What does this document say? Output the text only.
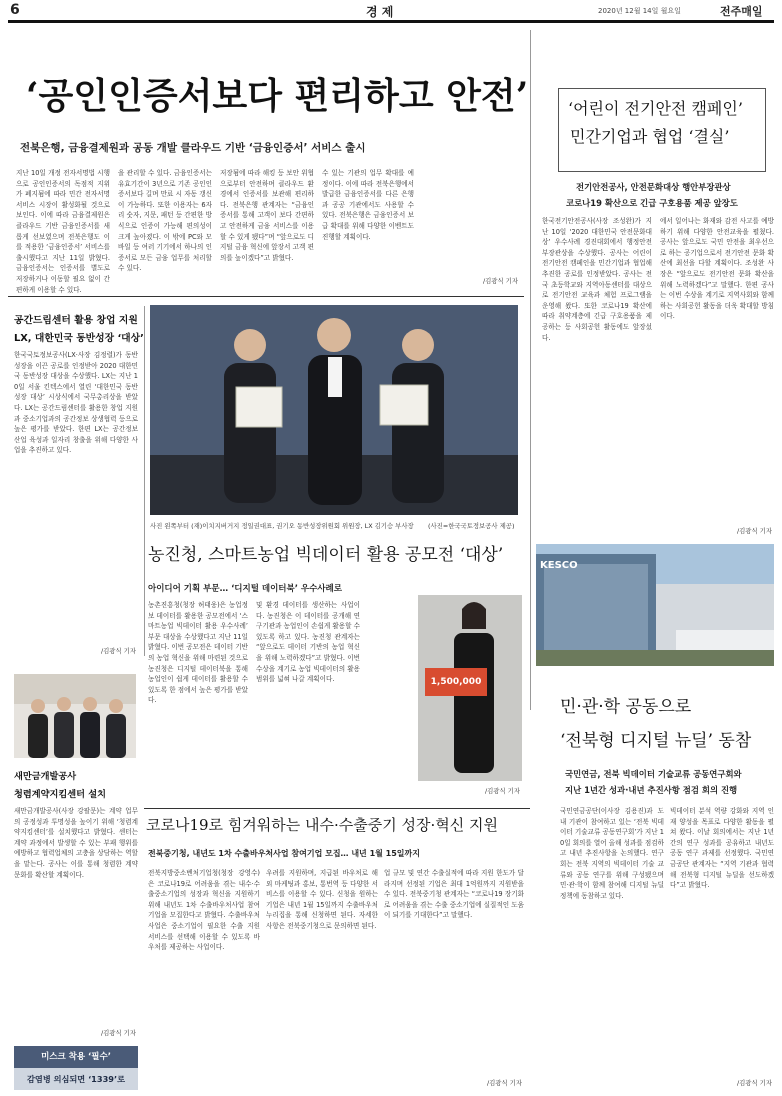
6	경 제	2020년 12월 14일 월요일	전주매일
‘공인인증서보다 편리하고 안전’
전북은행, 금융결제원과 공동 개발 클라우드 기반 ‘금융인증서’ 서비스 출시
지난 10일 개정 전자서명법 시행으로 공인인증서의 독점적 지위가 폐지됨에 따라 민간 전자서명 서비스 시장이 활성화될 것으로 보인다. 이에 따라 금융결제원은 클라우드 기반 금융인증서를 새롭게 선보였으며 전북은행도 이를 적용한 ‘금융인증서’ 서비스를 출시했다고 지난 11일 밝혔다. 금융인증서는 인증서를 별도로 저장하거나 이동할 필요 없이 간편하게 이용할 수 있다.
을 관리할 수 있다. 금융인증서는 유효기간이 3년으로 기존 공인인증서보다 길며 만료 시 자동 갱신이 가능하다. 또한 이용자는 6자리 숫자, 지문, 패턴 등 간편한 방식으로 인증이 가능해 편의성이 크게 높아졌다. 이 밖에 PC와 모바일 등 여러 기기에서 하나의 인증서로 모든 금융 업무를 처리할 수 있다.
저장됨에 따라 해킹 등 보안 위협으로부터 안전하며 클라우드 환경에서 인증서를 보관해 편리하다. 전북은행 관계자는 “금융인증서를 통해 고객이 보다 간편하고 안전하게 금융 서비스를 이용할 수 있게 됐다”며 “앞으로도 디지털 금융 혁신에 앞장서 고객 편의를 높이겠다”고 밝혔다.
수 있는 기관의 업무 확대를 예정이다. 이에 따라 전북은행에서 발급한 금융인증서를 다른 은행과 공공 기관에서도 사용할 수 있다. 전북은행은 금융인증서 보급 확대를 위해 다양한 이벤트도 진행할 계획이다.
/김광식 기자
공간드림센터 활용 창업 지원
LX, 대한민국 동반성장 ‘대상’
한국국토정보공사(LX·사장 김정렬)가 동반성장을 이끈 공로를 인정받아 2020 대한민국 동반성장 대상을 수상했다. LX는 지난 10일 서울 킨텍스에서 열린 ‘대한민국 동반성장 대상’ 시상식에서 국무총리상을 받았다. LX는 공간드림센터를 활용한 창업 지원과 중소기업과의 공간정보 상생협력 등으로 높은 평가를 받았다. 한편 LX는 공간정보 산업 육성과 일자리 창출을 위해 다양한 사업을 추진하고 있다.
/김광식 기자
사진 왼쪽부터 (재)이치지버거지 정일권대표, 권기오 동반성장위원회 위원장, LX 김기승 부사장 (사진=한국국토정보공사 제공)
농진청, 스마트농업 빅데이터 활용 공모전 ‘대상’
아이디어 기획 부문… ‘디지털 데이터북’ 우수사례로
농촌진흥청(청장 허태웅)은 농업정보 데이터를 활용한 공모전에서 ‘스마트농업 빅데이터 활용 우수사례’ 부문 대상을 수상했다고 지난 11일 밝혔다. 이번 공모전은 데이터 기반의 농업 혁신을 위해 마련된 것으로 농진청은 디지털 데이터북을 통해 농업인이 쉽게 데이터를 활용할 수 있도록 한 점에서 높은 평가를 받았다.
및 환경 데이터를 생산하는 사업이다. 농진청은 이 데이터를 공개해 연구기관과 농업인이 손쉽게 활용할 수 있도록 하고 있다. 농진청 관계자는 “앞으로도 데이터 기반의 농업 혁신을 위해 노력하겠다”고 밝혔다. 이번 수상을 계기로 농업 빅데이터의 활용 범위를 넓혀 나갈 계획이다.	1,500,000
/김광식 기자
‘어린이 전기안전 캠페인’
민간기업과 협업 ‘결실’
전기안전공사, 안전문화대상 행안부장관상
코로나19 확산으로 긴급 구호용품 제공 앞장도
한국전기안전공사(사장 조성완)가 지난 10일 ‘2020 대한민국 안전문화대상’ 우수사례 경진대회에서 행정안전부장관상을 수상했다. 공사는 어린이 전기안전 캠페인을 민간기업과 협업해 추진한 공로를 인정받았다. 공사는 전국 초등학교와 지역아동센터를 대상으로 전기안전 교육과 체험 프로그램을 운영해 왔다. 또한 코로나19 확산에 따라 취약계층에 긴급 구호용품을 제공하는 등 사회공헌 활동에도 앞장섰다.
에서 일어나는 화재와 감전 사고를 예방하기 위해 다양한 안전교육을 펼쳤다. 공사는 앞으로도 국민 안전을 최우선으로 하는 공기업으로서 전기안전 문화 확산에 최선을 다할 계획이다. 조성완 사장은 “앞으로도 전기안전 문화 확산을 위해 노력하겠다”고 말했다. 한편 공사는 이번 수상을 계기로 지역사회와 함께하는 사회공헌 활동을 더욱 확대할 방침이다.
/김광식 기자
KESCO
민·관·학 공동으로
‘전북형 디지털 뉴딜’ 동참
국민연금, 전북 빅데이터 기술교류 공동연구회와
지난 1년간 성과·내년 추진사항 점검 회의 진행
국민연금공단(이사장 김용진)과 도내 기관이 참여하고 있는 ‘전북 빅데이터 기술교류 공동연구회’가 지난 10일 회의를 열어 올해 성과를 점검하고 내년 추진사항을 논의했다. 연구회는 전북 지역의 빅데이터 기술 교류와 공동 연구를 위해 구성됐으며 민·관·학이 함께 참여해 디지털 뉴딜 정책에 동참하고 있다.
빅데이터 분석 역량 강화와 지역 인재 양성을 목표로 다양한 활동을 펼쳐 왔다. 이날 회의에서는 지난 1년간의 연구 성과를 공유하고 내년도 공동 연구 과제를 선정했다. 국민연금공단 관계자는 “지역 기관과 협력해 전북형 디지털 뉴딜을 선도하겠다”고 밝혔다.
/김광식 기자
코로나19로 힘겨워하는 내수·수출중기 성장·혁신 지원
전북중기청, 내년도 1차 수출바우처사업 참여기업 모집… 내년 1월 15일까지
전북지방중소벤처기업청(청장 강영수)은 코로나19로 어려움을 겪는 내수·수출중소기업의 성장과 혁신을 지원하기 위해 내년도 1차 수출바우처사업 참여기업을 모집한다고 밝혔다. 수출바우처사업은 중소기업이 필요한 수출 지원 서비스를 선택해 이용할 수 있도록 바우처를 제공하는 사업이다.
우려를 지원하며, 지급된 바우처로 해외 마케팅과 홍보, 통번역 등 다양한 서비스를 이용할 수 있다. 신청을 원하는 기업은 내년 1월 15일까지 수출바우처 누리집을 통해 신청하면 된다. 자세한 사항은 전북중기청으로 문의하면 된다.
업 규모 및 연간 수출실적에 따라 지원 한도가 달라지며 선정된 기업은 최대 1억원까지 지원받을 수 있다. 전북중기청 관계자는 “코로나19 장기화로 어려움을 겪는 수출 중소기업에 실질적인 도움이 되기를 기대한다”고 말했다.
/김광식 기자
새만금개발공사
청렴계약지킴센터 설치
새만금개발공사(사장 강팔문)는 계약 업무의 공정성과 투명성을 높이기 위해 ‘청렴계약지킴센터’를 설치했다고 밝혔다. 센터는 계약 과정에서 발생할 수 있는 부패 행위를 예방하고 협력업체의 고충을 상담하는 역할을 맡는다. 공사는 이를 통해 청렴한 계약 문화를 확산할 계획이다.
/김광식 기자
미스크 착용 ‘필수’
감염병 의심되면 ‘1339’로
